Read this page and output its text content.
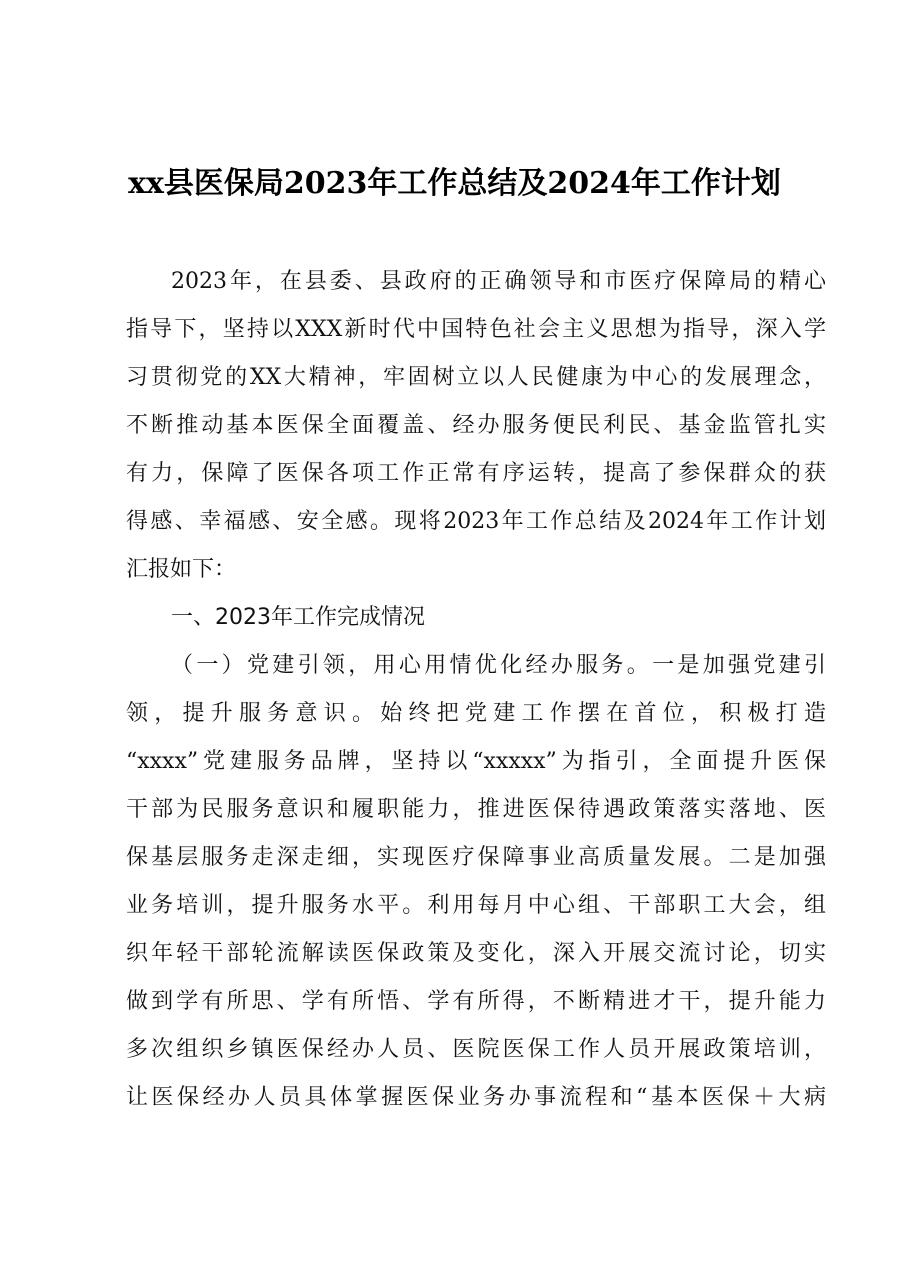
xx县医保局2023年工作总结及2024年工作计划

2023年，在县委、县政府的正确领导和市医疗保障局的精心

指导下，坚持以XXX新时代中国特色社会主义思想为指导，深入学

习贯彻党的XX大精神，牢固树立以人民健康为中心的发展理念，

不断推动基本医保全面覆盖、经办服务便民利民、基金监管扎实

有力，保障了医保各项工作正常有序运转，提高了参保群众的获

得感、幸福感、安全感。现将2023年工作总结及2024年工作计划

汇报如下：

一、2023年工作完成情况

（一）党建引领，用心用情优化经办服务。一是加强党建引

领，提升服务意识。始终把党建工作摆在首位，积极打造

“xxxx”党建服务品牌，坚持以“xxxxx”为指引，全面提升医保

干部为民服务意识和履职能力，推进医保待遇政策落实落地、医

保基层服务走深走细，实现医疗保障事业高质量发展。二是加强

业务培训，提升服务水平。利用每月中心组、干部职工大会，组

织年轻干部轮流解读医保政策及变化，深入开展交流讨论，切实

做到学有所思、学有所悟、学有所得，不断精进才干，提升能力

多次组织乡镇医保经办人员、医院医保工作人员开展政策培训，

让医保经办人员具体掌握医保业务办事流程和“基本医保＋大病
